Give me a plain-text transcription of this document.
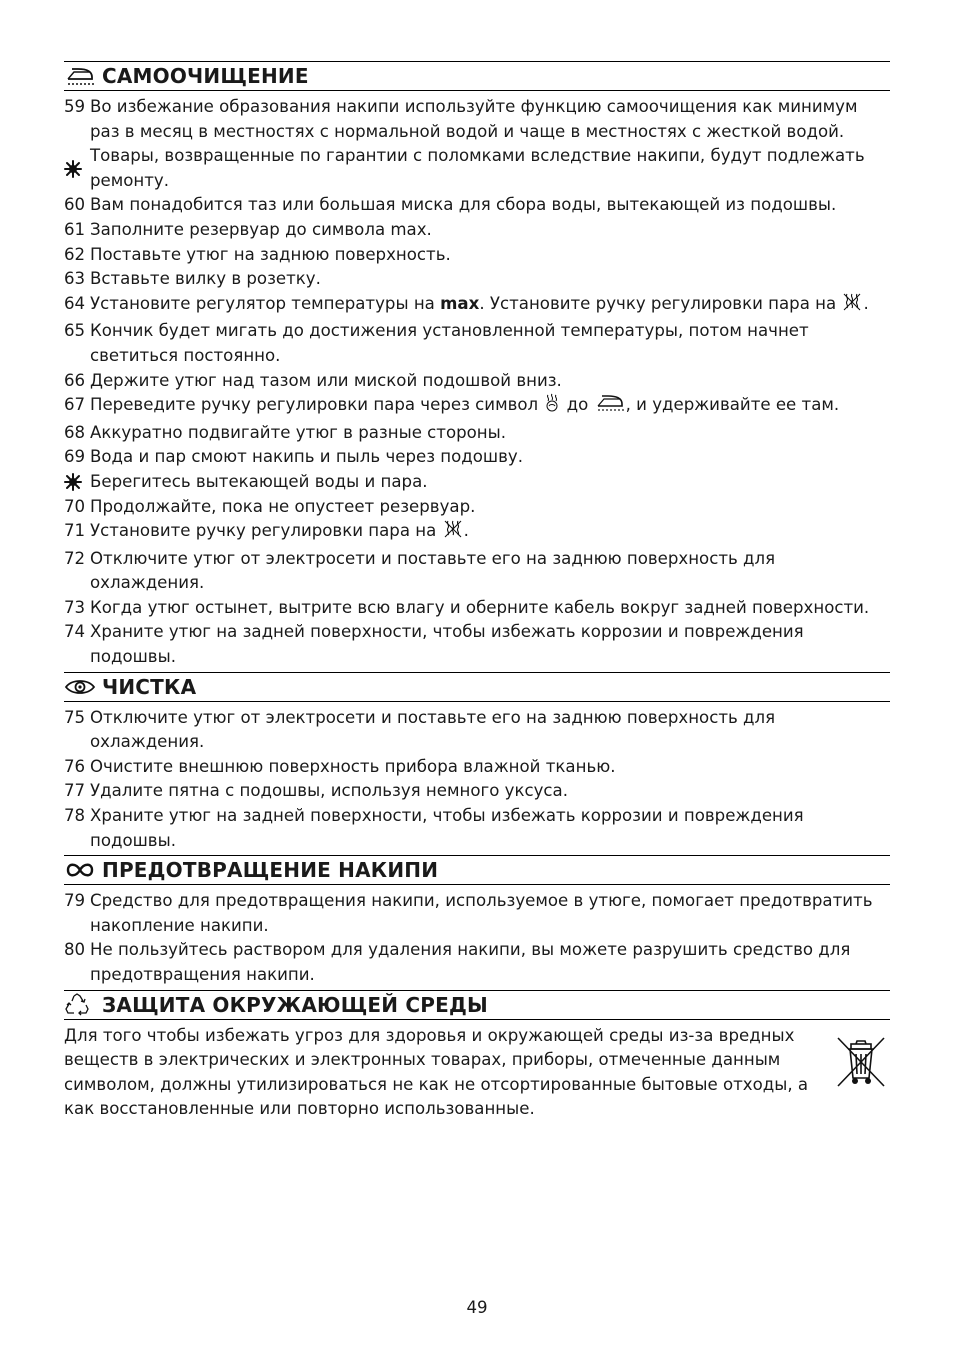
САМООЧИЩЕНИЕ
59 Во избежание образования накипи используйте функцию самоочищения как минимум раз в месяц в местностях с нормальной водой и чаще в местностях с жесткой водой.
Товары, возвращенные по гарантии с поломками вследствие накипи, будут подлежать ремонту.
60 Вам понадобится таз или большая миска для сбора воды, вытекающей из подошвы.
61 Заполните резервуар до символа max.
62 Поставьте утюг на заднюю поверхность.
63 Вставьте вилку в розетку.
64 Установите регулятор температуры на max. Установите ручку регулировки пара на .
65 Кончик будет мигать до достижения установленной температуры, потом начнет светиться постоянно.
66 Держите утюг над тазом или миской подошвой вниз.
67 Переведите ручку регулировки пара через символ  до , и удерживайте ее там.
68 Аккуратно подвигайте утюг в разные стороны.
69 Вода и пар смоют накипь и пыль через подошву.
Берегитесь вытекающей воды и пара.
70 Продолжайте, пока не опустеет резервуар.
71 Установите ручку регулировки пара на .
72 Отключите утюг от электросети и поставьте его на заднюю поверхность для охлаждения.
73 Когда утюг остынет, вытрите всю влагу и оберните кабель вокруг задней поверхности.
74 Храните утюг на задней поверхности, чтобы избежать коррозии и повреждения подошвы.
ЧИСТКА
75 Отключите утюг от электросети и поставьте его на заднюю поверхность для охлаждения.
76 Очистите внешнюю поверхность прибора влажной тканью.
77 Удалите пятна с подошвы, используя немного уксуса.
78 Храните утюг на задней поверхности, чтобы избежать коррозии и повреждения подошвы.
ПРЕДОТВРАЩЕНИЕ НАКИПИ
79 Средство для предотвращения накипи, используемое в утюге, помогает предотвратить накопление накипи.
80 Не пользуйтесь раствором для удаления накипи, вы можете разрушить средство для предотвращения накипи.
ЗАЩИТА ОКРУЖАЮЩЕЙ СРЕДЫ
Для того чтобы избежать угроз для здоровья и окружающей среды из-за вредных веществ в электрических и электронных товарах, приборы, отмеченные данным символом, должны утилизироваться не как не отсортированные бытовые отходы, а как восстановленные или повторно использованные.
49
